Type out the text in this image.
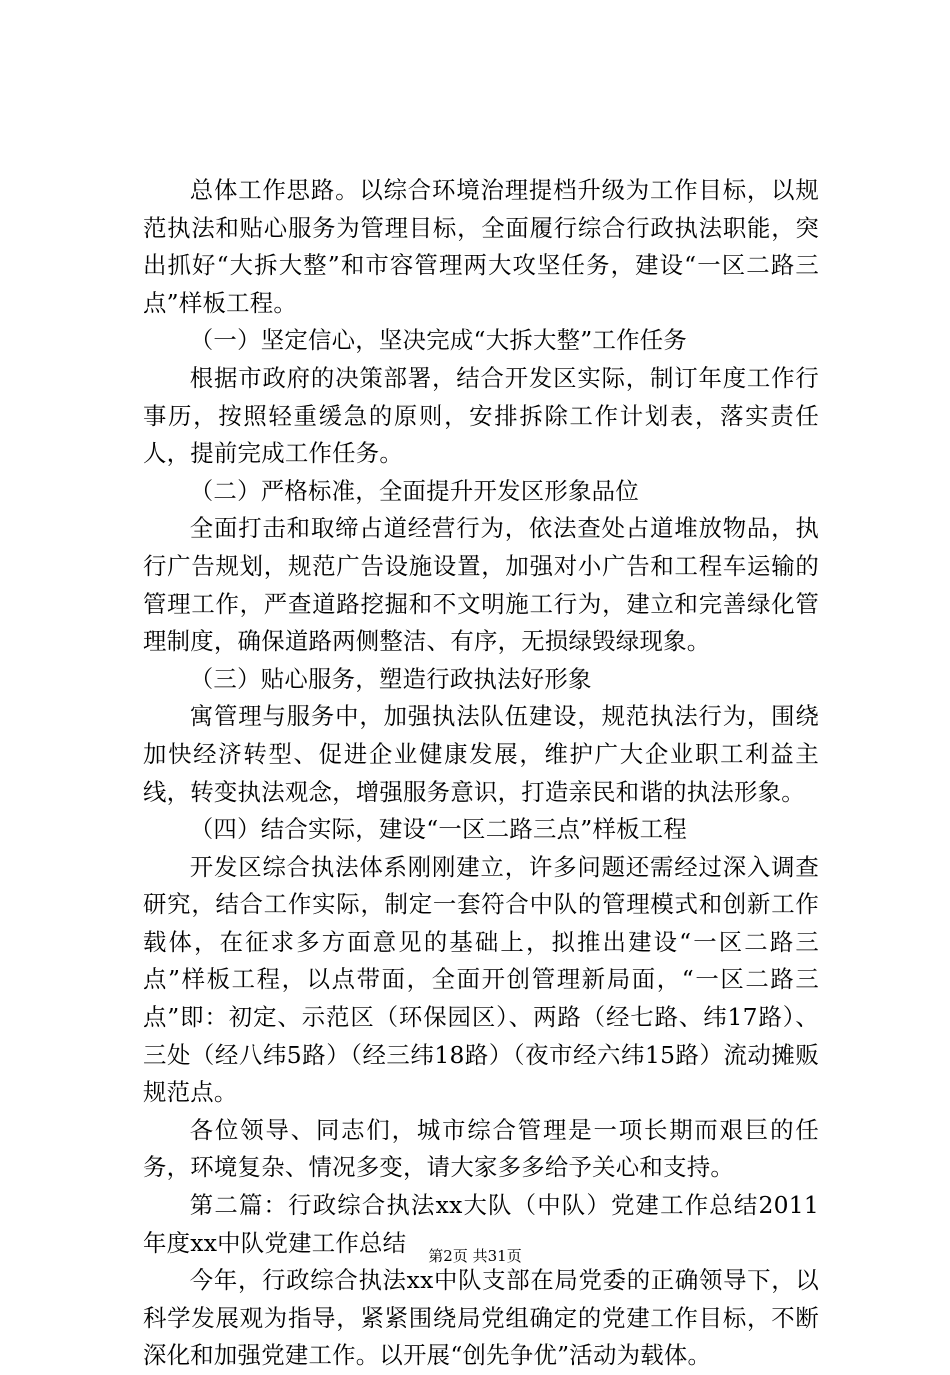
总体工作思路。以综合环境治理提档升级为工作目标，以规范执法和贴心服务为管理目标，全面履行综合行政执法职能，突出抓好“大拆大整”和市容管理两大攻坚任务，建设“一区二路三点”样板工程。

（一）坚定信心，坚决完成“大拆大整”工作任务

根据市政府的决策部署，结合开发区实际，制订年度工作行事历，按照轻重缓急的原则，安排拆除工作计划表，落实责任人，提前完成工作任务。

（二）严格标准，全面提升开发区形象品位

全面打击和取缔占道经营行为，依法查处占道堆放物品，执行广告规划，规范广告设施设置，加强对小广告和工程车运输的管理工作，严查道路挖掘和不文明施工行为，建立和完善绿化管理制度，确保道路两侧整洁、有序，无损绿毁绿现象。

（三）贴心服务，塑造行政执法好形象

寓管理与服务中，加强执法队伍建设，规范执法行为，围绕加快经济转型、促进企业健康发展，维护广大企业职工利益主线，转变执法观念，增强服务意识，打造亲民和谐的执法形象。

（四）结合实际，建设“一区二路三点”样板工程

开发区综合执法体系刚刚建立，许多问题还需经过深入调查研究，结合工作实际，制定一套符合中队的管理模式和创新工作载体，在征求多方面意见的基础上，拟推出建设“一区二路三点”样板工程，以点带面，全面开创管理新局面，“一区二路三点”即：初定、示范区（环保园区）、两路（经七路、纬17路）、三处（经八纬5路）（经三纬18路）（夜市经六纬15路）流动摊贩规范点。

各位领导、同志们，城市综合管理是一项长期而艰巨的任务，环境复杂、情况多变，请大家多多给予关心和支持。

第二篇：行政综合执法xx大队（中队）党建工作总结2011年度xx中队党建工作总结

今年，行政综合执法xx中队支部在局党委的正确领导下，以科学发展观为指导，紧紧围绕局党组确定的党建工作目标，不断深化和加强党建工作。以开展“创先争优”活动为载体。

第2页 共31页
